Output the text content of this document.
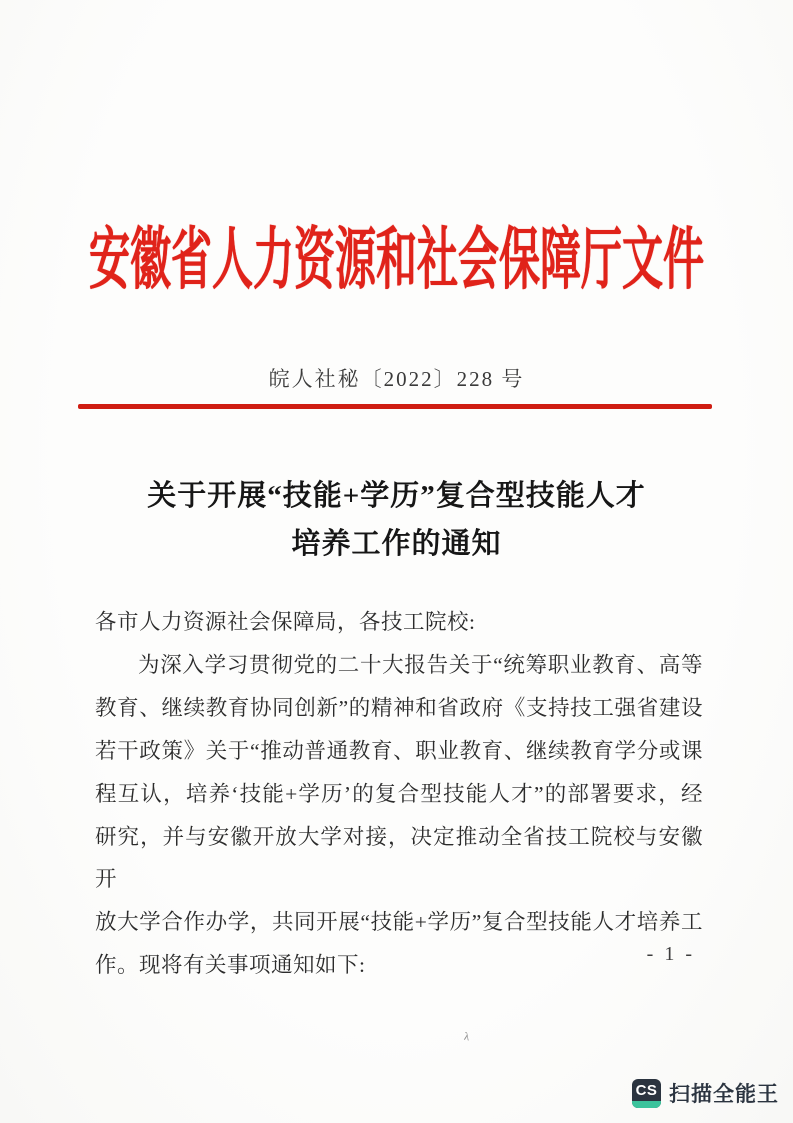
安徽省人力资源和社会保障厅文件
皖人社秘〔2022〕228 号
关于开展“技能+学历”复合型技能人才
培养工作的通知
各市人力资源社会保障局，各技工院校:
为深入学习贯彻党的二十大报告关于“统筹职业教育、高等
教育、继续教育协同创新”的精神和省政府《支持技工强省建设
若干政策》关于“推动普通教育、职业教育、继续教育学分或课
程互认，培养‘技能+学历’的复合型技能人才”的部署要求，经
研究，并与安徽开放大学对接，决定推动全省技工院校与安徽开
放大学合作办学，共同开展“技能+学历”复合型技能人才培养工
作。现将有关事项通知如下:	- 1 -
λ
CS 扫描全能王
